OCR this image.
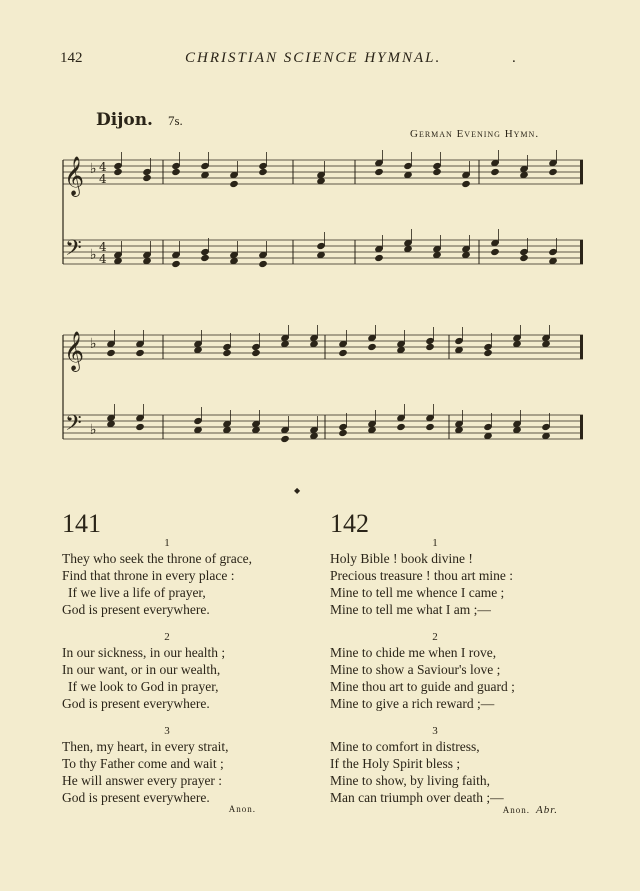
142	CHRISTIAN SCIENCE HYMNAL.	.
Dijon. 7s.
German Evening Hymn.
𝄞
𝄢
♭
♭
4
4
4
4
𝄞
𝄢
♭
♭
◆
141
1
They who seek the throne of grace,
Find that throne in every place :
If we live a life of prayer,
God is present everywhere.
2
In our sickness, in our health ;
In our want, or in our wealth,
If we look to God in prayer,
God is present everywhere.
3
Then, my heart, in every strait,
To thy Father come and wait ;
He will answer every prayer :
God is present everywhere.
Anon.
142
1
Holy Bible ! book divine !
Precious treasure ! thou art mine :
Mine to tell me whence I came ;
Mine to tell me what I am ;—
2
Mine to chide me when I rove,
Mine to show a Saviour's love ;
Mine thou art to guide and guard ;
Mine to give a rich reward ;—
3
Mine to comfort in distress,
If the Holy Spirit bless ;
Mine to show, by living faith,
Man can triumph over death ;—
Anon. Abr.
